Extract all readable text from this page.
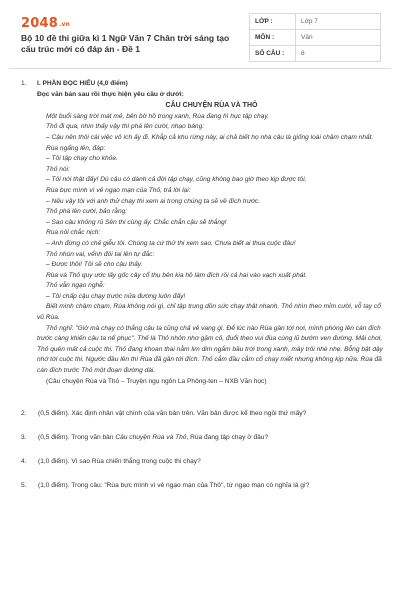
2048.vn
Bộ 10 đề thi giữa kì 1 Ngữ Văn 7 Chân trời sáng tạo cấu trúc mới có đáp án - Đề 1
LỚP :	Lớp 7
MÔN :	Văn
SỐ CÂU :	8
1.	I. PHẦN ĐỌC HIỂU (4,0 điểm)
Đọc văn bản sau rồi thực hiện yêu cầu ở dưới:
CÂU CHUYỆN RÙA VÀ THỎ

Một buổi sáng trời mát mẻ, bên bờ hồ trong xanh, Rùa đang hì hục tập chạy.

Thỏ đi qua, nhìn thấy vậy thì phá lên cười, nhạo báng:

– Cậu nên thôi cái việc vô ích ấy đi. Khắp cả khu rừng này, ai chả biết họ nhà cậu là giống loài chậm chạm nhất.

Rùa ngẩng lên, đáp:

– Tôi tập chạy cho khỏe.

Thỏ nói:

– Tôi nói thật đấy! Dù cậu có dành cả đời tập chạy, cũng không bao giờ theo kịp được tôi.

Rùa bực mình vì vẻ ngạo mạn của Thỏ, trả lời lại:

– Nếu vậy tôi với anh thử chạy thi xem ai trong chúng ta sẽ về đích trước.

Thỏ phá lên cười, bảo rằng:

– Sao cậu không rủ Sên thi cùng ấy. Chắc chắn cậu sẽ thắng!

Rùa nói chắc nịch:

– Anh đừng có chế giễu tôi. Chúng ta cứ thử thi xem sao. Chưa biết ai thua cuộc đâu!

Thỏ nhún vai, vểnh đôi tai lên tự đắc:

– Được thôi! Tôi sẽ cho cậu thấy.

Rùa và Thỏ quy ước lấy gốc cây cổ thụ bên kia hồ làm đích rồi cả hai vào vạch xuất phát.

Thỏ vẫn ngạo nghễ:

– Tôi chấp cậu chạy trước nửa đường luôn đấy!

Biết mình chậm chạm, Rùa không nói gì, chỉ tập trung dồn sức chạy thật nhanh. Thỏ nhìn theo mỉm cười, vỗ tay cổ vũ Rùa.

Thỏ nghĩ: "Giờ mà chạy có thắng cậu ta cũng chả vẻ vang gì. Để lúc nào Rùa gần tới nơi, mình phóng lên cán đích trước càng khiến cậu ta nể phục". Thế là Thỏ nhởn nhơ gặm cỏ, đuổi theo vui đùa cùng lũ bướm ven đường. Mải chơi, Thỏ quên mất cả cuộc thi. Thỏ đang khoan thai nằm lim dim ngắm bầu trời trong xanh, mây trôi nhè nhẹ. Bỗng bật dậy nhớ tới cuộc thi. Ngước đầu lên thì Rùa đã gần tới đích. Thỏ cắm đầu cắm cổ chạy miết nhưng không kịp nữa. Rùa đã cán đích trước Thỏ một đoạn đường dài.

(Câu chuyện Rùa và Thỏ – Truyện ngụ ngôn La Phông-ten – NXB Văn học)

2.	(0,5 điểm). Xác định nhân vật chính của văn bản trên. Văn bản được kể theo ngôi thứ mấy?
3.	(0,5 điểm). Trong văn bản Câu chuyện Rùa và Thỏ, Rùa đang tập chạy ở đâu?
4.	(1,0 điểm). Vì sao Rùa chiến thắng trong cuộc thi chạy?
5.	(1,0 điểm). Trong câu: "Rùa bực mình vì vẻ ngạo mạn của Thỏ", từ ngạo mạn có nghĩa là gì?
